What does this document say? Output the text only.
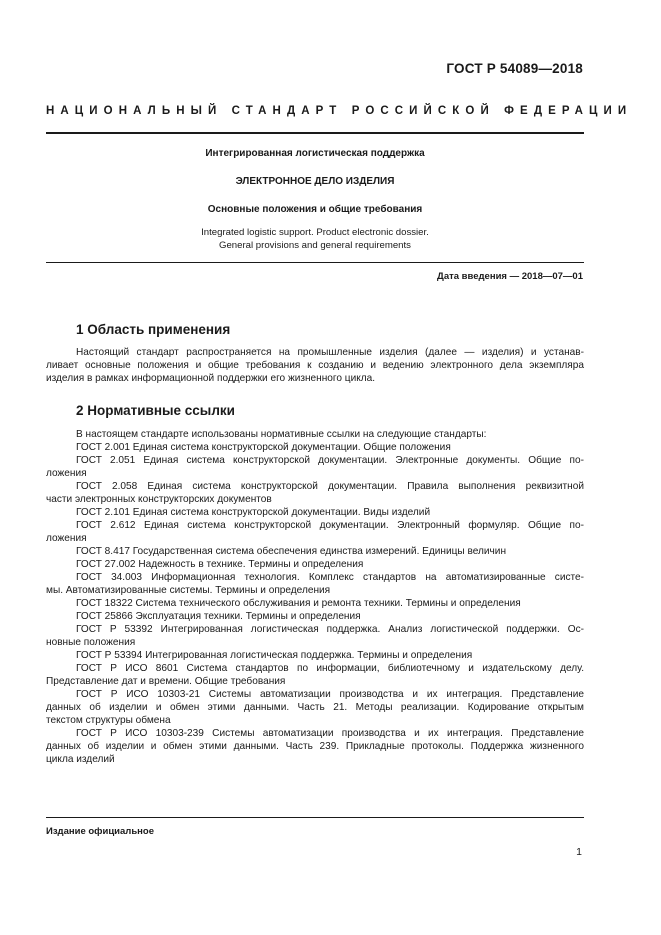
ГОСТ Р 54089—2018
НАЦИОНАЛЬНЫЙ СТАНДАРТ РОССИЙСКОЙ ФЕДЕРАЦИИ
Интегрированная логистическая поддержка
ЭЛЕКТРОННОЕ ДЕЛО ИЗДЕЛИЯ
Основные положения и общие требования
Integrated logistic support. Product electronic dossier.
General provisions and general requirements
Дата введения — 2018—07—01
1 Область применения
Настоящий стандарт распространяется на промышленные изделия (далее — изделия) и устанав-
ливает основные положения и общие требования к созданию и ведению электронного дела экземпляра
изделия в рамках информационной поддержки его жизненного цикла.
2 Нормативные ссылки
В настоящем стандарте использованы нормативные ссылки на следующие стандарты:
ГОСТ 2.001 Единая система конструкторской документации. Общие положения
ГОСТ 2.051 Единая система конструкторской документации. Электронные документы. Общие по-
ложения
ГОСТ 2.058 Единая система конструкторской документации. Правила выполнения реквизитной
части электронных конструкторских документов
ГОСТ 2.101 Единая система конструкторской документации. Виды изделий
ГОСТ 2.612 Единая система конструкторской документации. Электронный формуляр. Общие по-
ложения
ГОСТ 8.417 Государственная система обеспечения единства измерений. Единицы величин
ГОСТ 27.002 Надежность в технике. Термины и определения
ГОСТ 34.003 Информационная технология. Комплекс стандартов на автоматизированные систе-
мы. Автоматизированные системы. Термины и определения
ГОСТ 18322 Система технического обслуживания и ремонта техники. Термины и определения
ГОСТ 25866 Эксплуатация техники. Термины и определения
ГОСТ Р 53392 Интегрированная логистическая поддержка. Анализ логистической поддержки. Ос-
новные положения
ГОСТ Р 53394 Интегрированная логистическая поддержка. Термины и определения
ГОСТ Р ИСО 8601 Система стандартов по информации, библиотечному и издательскому делу.
Представление дат и времени. Общие требования
ГОСТ Р ИСО 10303-21 Системы автоматизации производства и их интеграция. Представление
данных об изделии и обмен этими данными. Часть 21. Методы реализации. Кодирование открытым
текстом структуры обмена
ГОСТ Р ИСО 10303-239 Системы автоматизации производства и их интеграция. Представление
данных об изделии и обмен этими данными. Часть 239. Прикладные протоколы. Поддержка жизненного
цикла изделий
Издание официальное
1
